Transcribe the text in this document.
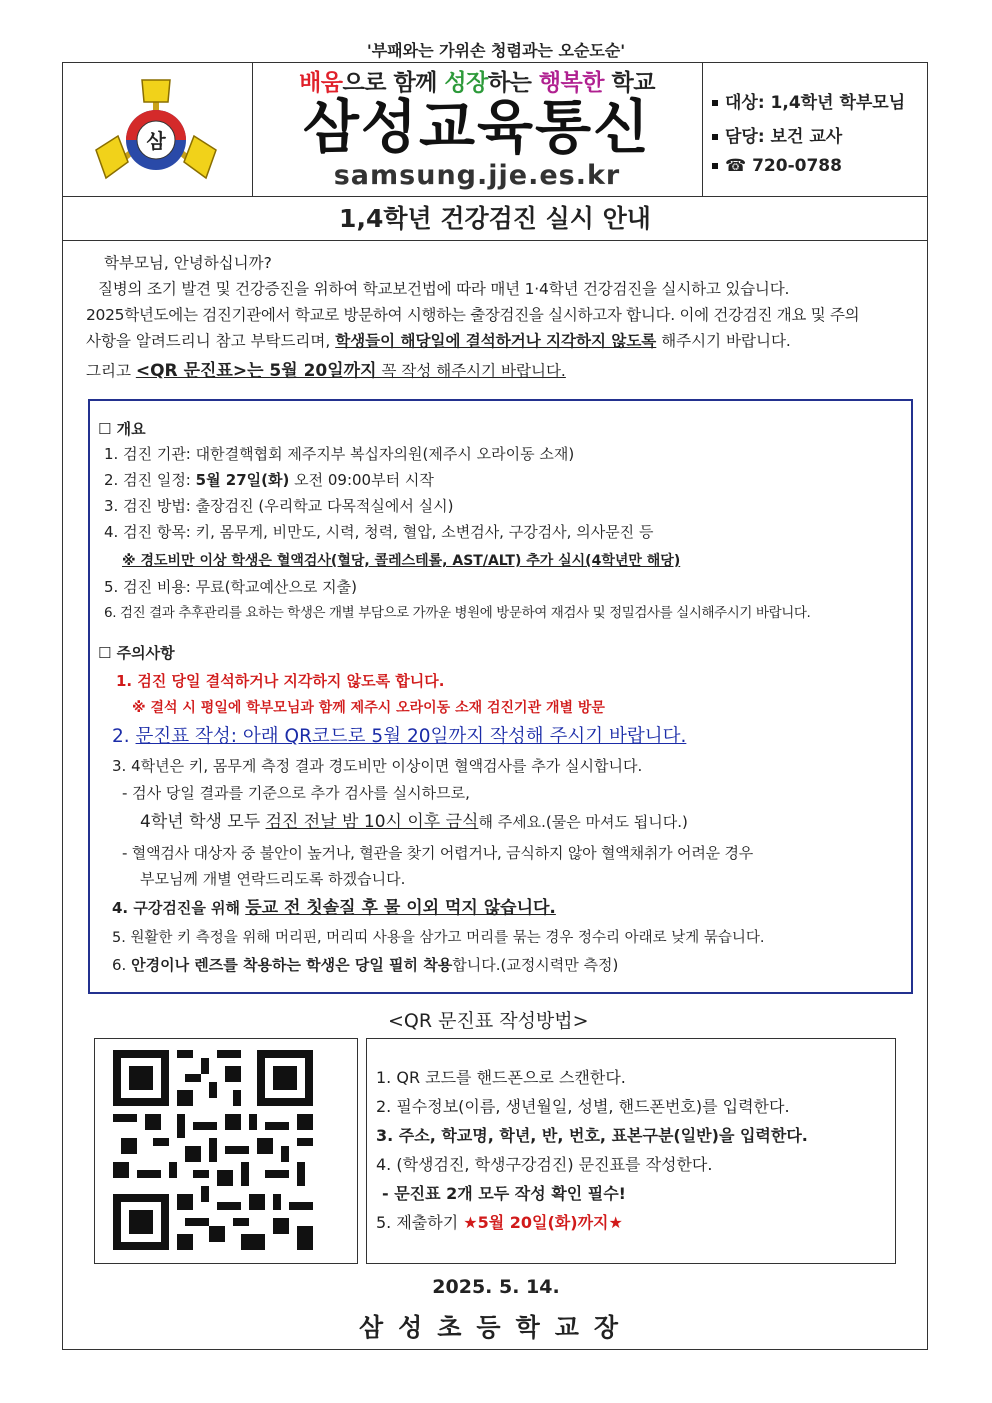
'부패와는 가위손 청렴과는 오순도순'
삼
배움으로 함께 성장하는 행복한 학교
삼성교육통신
samsung.jje.es.kr
대상: 1,4학년 학부모님
담당: 보건 교사
☎ 720-0788
1,4학년 건강검진 실시 안내
학부모님, 안녕하십니까?
질병의 조기 발견 및 건강증진을 위하여 학교보건법에 따라 매년 1·4학년 건강검진을 실시하고 있습니다.
2025학년도에는 검진기관에서 학교로 방문하여 시행하는 출장검진을 실시하고자 합니다. 이에 건강검진 개요 및 주의
사항을 알려드리니 참고 부탁드리며, 학생들이 해당일에 결석하거나 지각하지 않도록 해주시기 바랍니다.
그리고 <QR 문진표>는 5월 20일까지 꼭 작성 해주시기 바랍니다.
☐ 개요
1. 검진 기관: 대한결핵협회 제주지부 복십자의원(제주시 오라이동 소재)
2. 검진 일정: 5월 27일(화) 오전 09:00부터 시작
3. 검진 방법: 출장검진 (우리학교 다목적실에서 실시)
4. 검진 항목: 키, 몸무게, 비만도, 시력, 청력, 혈압, 소변검사, 구강검사, 의사문진 등
※ 경도비만 이상 학생은 혈액검사(혈당, 콜레스테롤, AST/ALT) 추가 실시(4학년만 해당)
5. 검진 비용: 무료(학교예산으로 지출)
6. 검진 결과 추후관리를 요하는 학생은 개별 부담으로 가까운 병원에 방문하여 재검사 및 정밀검사를 실시해주시기 바랍니다.
☐ 주의사항
1. 검진 당일 결석하거나 지각하지 않도록 합니다.
※ 결석 시 평일에 학부모님과 함께 제주시 오라이동 소재 검진기관 개별 방문
2. 문진표 작성: 아래 QR코드로 5월 20일까지 작성해 주시기 바랍니다.
3. 4학년은 키, 몸무게 측정 결과 경도비만 이상이면 혈액검사를 추가 실시합니다.
- 검사 당일 결과를 기준으로 추가 검사를 실시하므로,
4학년 학생 모두 검진 전날 밤 10시 이후 금식해 주세요.(물은 마셔도 됩니다.)
- 혈액검사 대상자 중 불안이 높거나, 혈관을 찾기 어렵거나, 금식하지 않아 혈액채취가 어려운 경우
부모님께 개별 연락드리도록 하겠습니다.
4. 구강검진을 위해 등교 전 칫솔질 후 물 이외 먹지 않습니다.
5. 원활한 키 측정을 위해 머리핀, 머리띠 사용을 삼가고 머리를 묶는 경우 정수리 아래로 낮게 묶습니다.
6. 안경이나 렌즈를 착용하는 학생은 당일 필히 착용합니다.(교정시력만 측정)
<QR 문진표 작성방법>
1. QR 코드를 핸드폰으로 스캔한다.
2. 필수정보(이름, 생년월일, 성별, 핸드폰번호)를 입력한다.
3. 주소, 학교명, 학년, 반, 번호, 표본구분(일반)을 입력한다.
4. (학생검진, 학생구강검진) 문진표를 작성한다.
- 문진표 2개 모두 작성 확인 필수!
5. 제출하기 ★5월 20일(화)까지★
2025. 5. 14.
삼성초등학교장
